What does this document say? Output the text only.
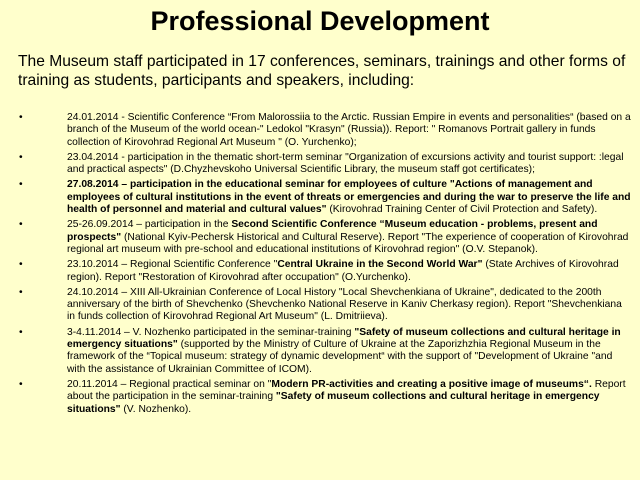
Professional Development
The Museum staff participated in 17 conferences, seminars, trainings and other forms of training as students, participants and speakers, including:
• 24.01.2014 - Scientific Conference “From Malorossiia to the Arctic. Russian Empire in events and personalities“ (based on a branch of the Museum of the world ocean-" Ledokol "Krasyn" (Russia)). Report: " Romanovs Portrait gallery in funds collection of Kirovohrad Regional Art Museum " (O. Yurchenko);
• 23.04.2014 - participation in the thematic short-term seminar "Organization of excursions activity and tourist support: :legal and practical aspects" (D.Chyzhevskoho Universal Scientific Library, the museum staff got certificates);
• 27.08.2014 – participation in the educational seminar for employees of culture "Actions of management and employees of cultural institutions in the event of threats or emergencies and during the war to preserve the life and health of personnel and material and cultural values" (Kirovohrad Training Center of Civil Protection and Safety).
• 25-26.09.2014 – participation in the Second Scientific Conference “Museum education - problems, present and prospects" (National Kyiv-Pechersk Historical and Cultural Reserve). Report "The experience of cooperation of Kirovohrad regional art museum with pre-school and educational institutions of Kirovohrad region" (O.V. Stepanok).
• 23.10.2014 – Regional Scientific Conference "Central Ukraine in the Second World War" (State Archives of Kirovohrad region). Report "Restoration of Kirovohrad after occupation" (O.Yurchenko).
• 24.10.2014 – XIII All-Ukrainian Conference of Local History "Local Shevchenkiana of Ukraine", dedicated to the 200th anniversary of the birth of Shevchenko (Shevchenko National Reserve in Kaniv Cherkasy region). Report "Shevchenkiana in funds collection of Kirovohrad Regional Art Museum" (L. Dmitriieva).
• 3-4.11.2014 – V. Nozhenko participated in the seminar-training "Safety of museum collections and cultural heritage in emergency situations" (supported by the Ministry of Culture of Ukraine at the Zaporizhzhia Regional Museum in the framework of the “Topical museum: strategy of dynamic development“ with the support of "Development of Ukraine "and with the assistance of Ukrainian Committee of ICOM).
• 20.11.2014 – Regional practical seminar on "Modern PR-activities and creating a positive image of museums“. Report about the participation in the seminar-training "Safety of museum collections and cultural heritage in emergency situations" (V. Nozhenko).
